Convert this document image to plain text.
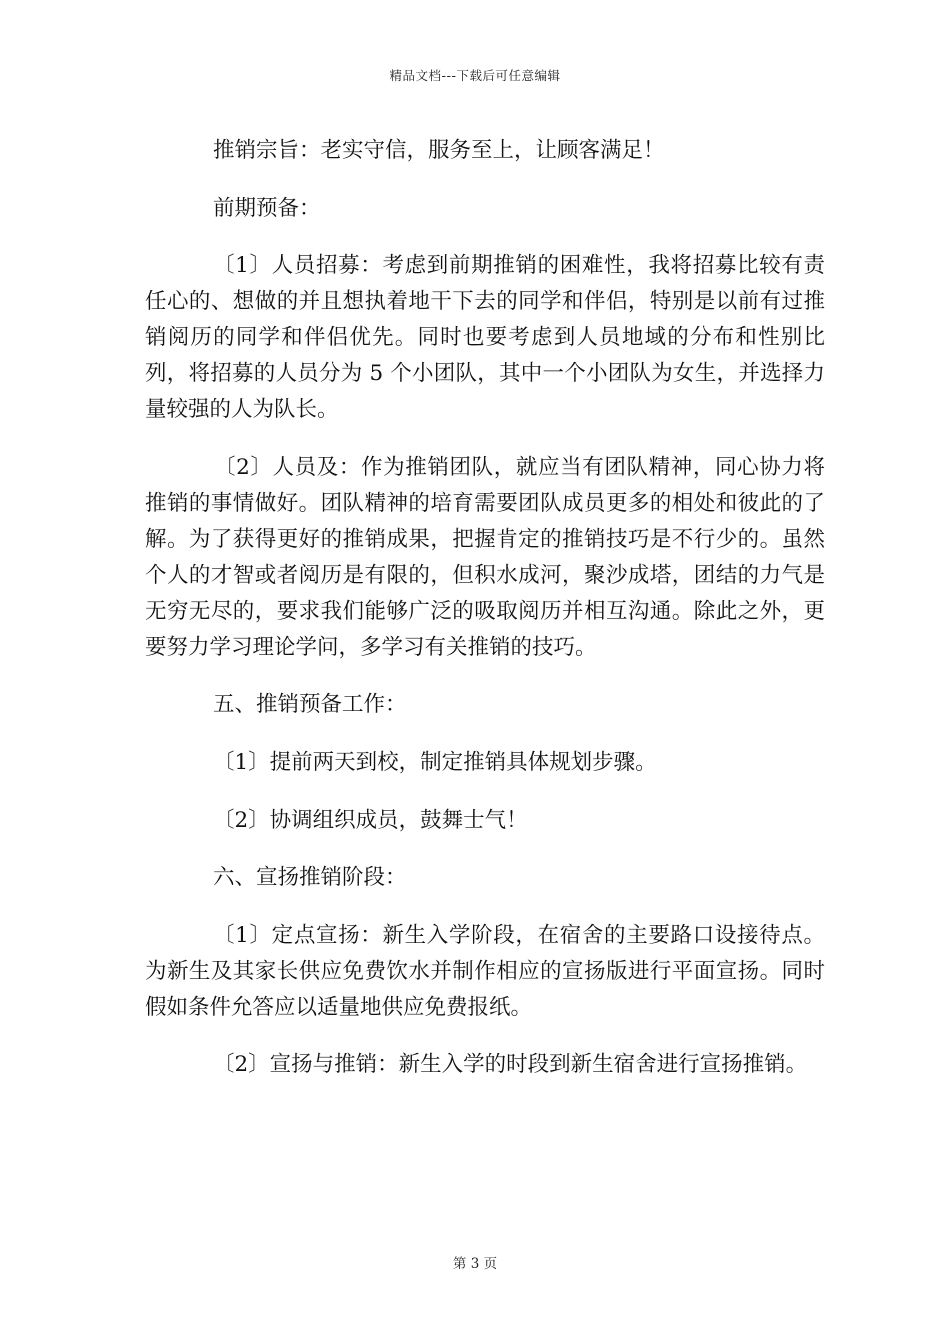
精品文档---下载后可任意编辑

推销宗旨：老实守信，服务至上，让顾客满足！

前期预备：

〔1〕人员招募：考虑到前期推销的困难性，我将招募比较有责任心的、想做的并且想执着地干下去的同学和伴侣，特别是以前有过推销阅历的同学和伴侣优先。同时也要考虑到人员地域的分布和性别比列，将招募的人员分为 5 个小团队，其中一个小团队为女生，并选择力量较强的人为队长。

〔2〕人员及：作为推销团队，就应当有团队精神，同心协力将推销的事情做好。团队精神的培育需要团队成员更多的相处和彼此的了解。为了获得更好的推销成果，把握肯定的推销技巧是不行少的。虽然个人的才智或者阅历是有限的，但积水成河，聚沙成塔，团结的力气是无穷无尽的，要求我们能够广泛的吸取阅历并相互沟通。除此之外，更要努力学习理论学问，多学习有关推销的技巧。

五、推销预备工作：

〔1〕提前两天到校，制定推销具体规划步骤。

〔2〕协调组织成员，鼓舞士气！

六、宣扬推销阶段：

〔1〕定点宣扬：新生入学阶段，在宿舍的主要路口设接待点。为新生及其家长供应免费饮水并制作相应的宣扬版进行平面宣扬。同时假如条件允答应以适量地供应免费报纸。

〔2〕宣扬与推销：新生入学的时段到新生宿舍进行宣扬推销。

第 3 页
